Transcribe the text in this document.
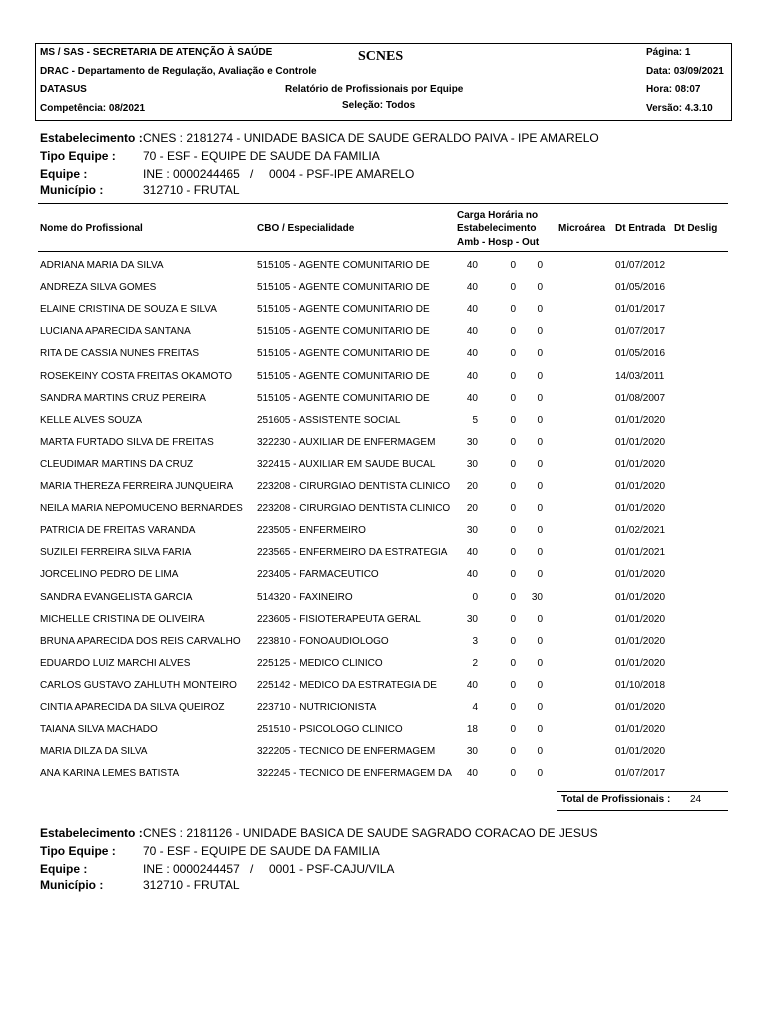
MS / SAS - SECRETARIA DE ATENÇÃO À SAÚDE
DRAC - Departamento de Regulação, Avaliação e Controle
DATASUS
Competência: 08/2021
SCNES
Relatório de Profissionais por Equipe
Seleção: Todos
Página: 1
Data: 03/09/2021
Hora: 08:07
Versão: 4.3.10
Estabelecimento : CNES : 2181274 - UNIDADE BASICA DE SAUDE GERALDO PAIVA - IPE AMARELO
Tipo Equipe : 70 - ESF - EQUIPE DE SAUDE DA FAMILIA
Equipe :	INE : 0000244465 / 0004 - PSF-IPE AMARELO
Município :	312710 - FRUTAL
Nome do Profissional	CBO / Especialidade
Carga Horária no
Estabelecimento
Amb - Hosp - Out
Microárea Dt Entrada Dt Deslig
ADRIANA MARIA DA SILVA	515105 - AGENTE COMUNITARIO DE	40	0	0	01/07/2012
ANDREZA SILVA GOMES	515105 - AGENTE COMUNITARIO DE	40	0	0	01/05/2016
ELAINE CRISTINA DE SOUZA E SILVA	515105 - AGENTE COMUNITARIO DE	40	0	0	01/01/2017
LUCIANA APARECIDA SANTANA	515105 - AGENTE COMUNITARIO DE	40	0	0	01/07/2017
RITA DE CASSIA NUNES FREITAS	515105 - AGENTE COMUNITARIO DE	40	0	0	01/05/2016
ROSEKEINY COSTA FREITAS OKAMOTO 515105 - AGENTE COMUNITARIO DE	40	0	0	14/03/2011
SANDRA MARTINS CRUZ PEREIRA	515105 - AGENTE COMUNITARIO DE	40	0	0	01/08/2007
KELLE ALVES SOUZA	251605 - ASSISTENTE SOCIAL	5	0	0	01/01/2020
MARTA FURTADO SILVA DE FREITAS	322230 - AUXILIAR DE ENFERMAGEM	30	0	0	01/01/2020
CLEUDIMAR MARTINS DA CRUZ	322415 - AUXILIAR EM SAUDE BUCAL	30	0	0	01/01/2020
MARIA THEREZA FERREIRA JUNQUEIRA 223208 - CIRURGIAO DENTISTA CLINICO	20	0	0	01/01/2020
NEILA MARIA NEPOMUCENO BERNARDES 223208 - CIRURGIAO DENTISTA CLINICO	20	0	0	01/01/2020
PATRICIA DE FREITAS VARANDA	223505 - ENFERMEIRO	30	0	0	01/02/2021
SUZILEI FERREIRA SILVA FARIA	223565 - ENFERMEIRO DA ESTRATEGIA	40	0	0	01/01/2021
JORCELINO PEDRO DE LIMA	223405 - FARMACEUTICO	40	0	0	01/01/2020
SANDRA EVANGELISTA GARCIA	514320 - FAXINEIRO	0	0	30	01/01/2020
MICHELLE CRISTINA DE OLIVEIRA	223605 - FISIOTERAPEUTA GERAL	30	0	0	01/01/2020
BRUNA APARECIDA DOS REIS CARVALHO 223810 - FONOAUDIOLOGO	3	0	0	01/01/2020
EDUARDO LUIZ MARCHI ALVES	225125 - MEDICO CLINICO	2	0	0	01/01/2020
CARLOS GUSTAVO ZAHLUTH MONTEIRO 225142 - MEDICO DA ESTRATEGIA DE	40	0	0	01/10/2018
CINTIA APARECIDA DA SILVA QUEIROZ	223710 - NUTRICIONISTA	4	0	0	01/01/2020
TAIANA SILVA MACHADO	251510 - PSICOLOGO CLINICO	18	0	0	01/01/2020
MARIA DILZA DA SILVA	322205 - TECNICO DE ENFERMAGEM	30	0	0	01/01/2020
ANA KARINA LEMES BATISTA	322245 - TECNICO DE ENFERMAGEM DA	40	0	0	01/07/2017
Total de Profissionais : 24
Estabelecimento : CNES : 2181126 - UNIDADE BASICA DE SAUDE SAGRADO CORACAO DE JESUS
Tipo Equipe : 70 - ESF - EQUIPE DE SAUDE DA FAMILIA
Equipe :	INE : 0000244457 / 0001 - PSF-CAJU/VILA
Município :	312710 - FRUTAL
